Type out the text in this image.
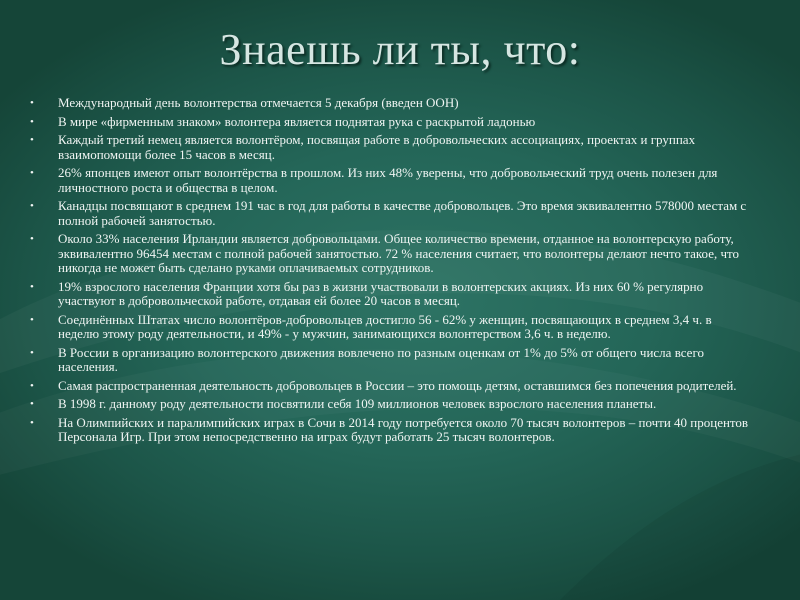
Знаешь ли ты, что:
• Международный день волонтерства отмечается 5 декабря (введен ООН)
• В мире «фирменным знаком» волонтера является поднятая рука с раскрытой ладонью
• Каждый третий немец является волонтёром, посвящая работе в добровольческих ассоциациях, проектах и группах взаимопомощи более 15 часов в месяц.
• 26% японцев имеют опыт волонтёрства в прошлом. Из них 48% уверены, что добровольческий труд очень полезен для личностного роста и общества в целом.
• Канадцы посвящают в среднем 191 час в год для работы в качестве добровольцев. Это время эквивалентно 578000 местам с полной рабочей занятостью.
• Около 33% населения Ирландии является добровольцами. Общее количество времени, отданное на волонтерскую работу, эквивалентно 96454 местам с полной рабочей занятостью. 72 % населения считает, что волонтеры делают нечто такое, что никогда не может быть сделано руками оплачиваемых сотрудников.
• 19% взрослого населения Франции хотя бы раз в жизни участвовали в волонтерских акциях. Из них 60 % регулярно участвуют в добровольческой работе, отдавая ей более 20 часов в месяц.
• Соединённых Штатах число волонтёров-добровольцев достигло 56 - 62% у женщин, посвящающих в среднем 3,4 ч. в неделю этому роду деятельности, и 49% - у мужчин, занимающихся волонтерством 3,6 ч. в неделю.
• В России в организацию волонтерского движения вовлечено по разным оценкам от 1% до 5% от общего числа всего населения.
• Самая распространенная деятельность добровольцев в России – это помощь детям, оставшимся без попечения родителей.
• В 1998 г. данному роду деятельности посвятили себя 109 миллионов человек взрослого населения планеты.
• На Олимпийских и паралимпийских играх в Сочи в 2014 году потребуется около 70 тысяч волонтеров – почти 40 процентов Персонала Игр. При этом непосредственно на играх будут работать 25 тысяч волонтеров.
